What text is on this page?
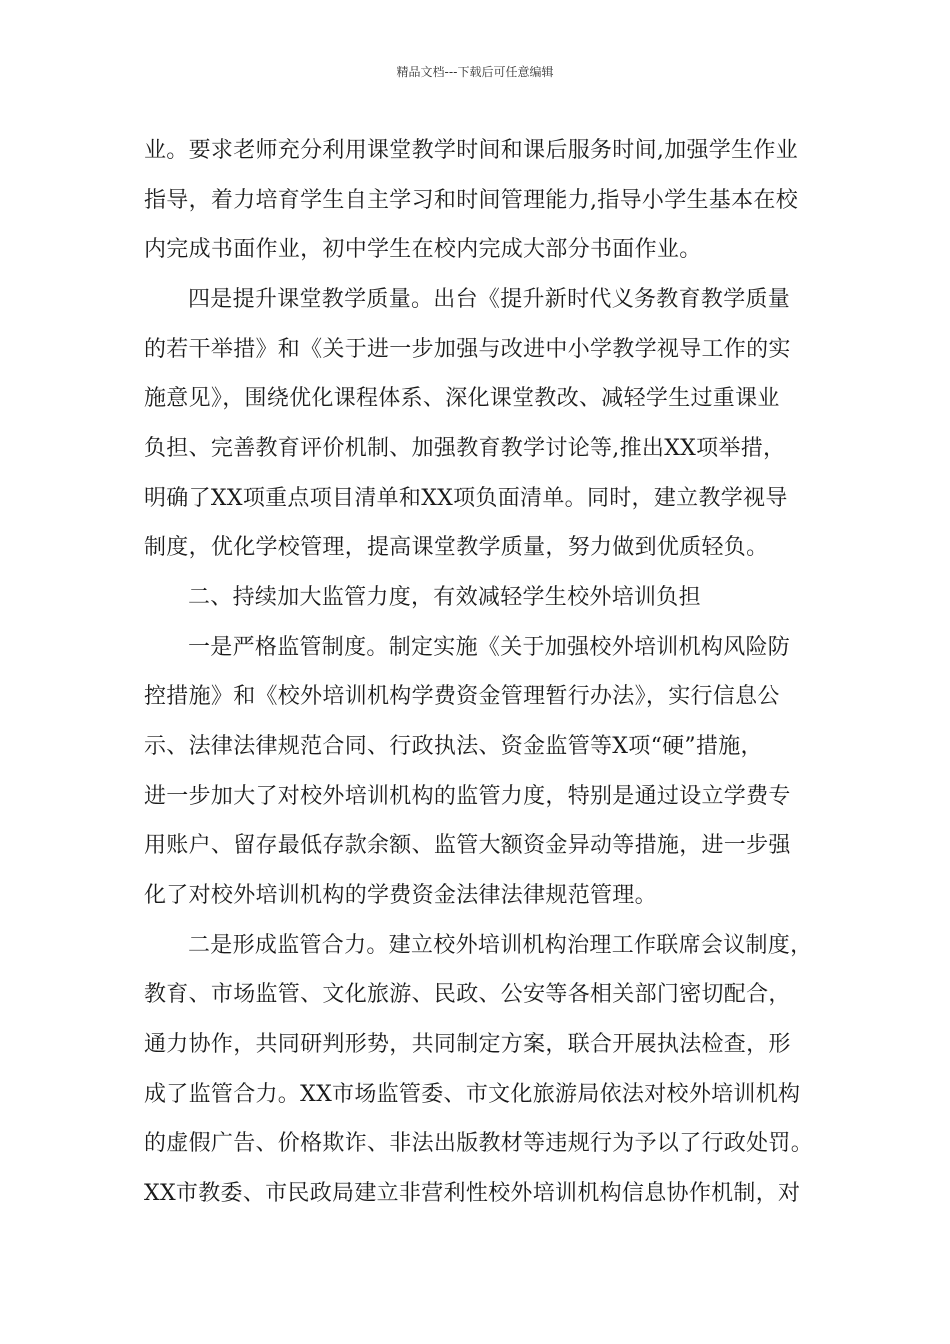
精品文档---下载后可任意编辑
业。要求老师充分利用课堂教学时间和课后服务时间,加强学生作业
指导，着力培育学生自主学习和时间管理能力,指导小学生基本在校
内完成书面作业，初中学生在校内完成大部分书面作业。
四是提升课堂教学质量。出台《提升新时代义务教育教学质量
的若干举措》和《关于进一步加强与改进中小学教学视导工作的实
施意见》，围绕优化课程体系、深化课堂教改、减轻学生过重课业
负担、完善教育评价机制、加强教育教学讨论等,推出XX项举措，
明确了XX项重点项目清单和XX项负面清单。同时，建立教学视导
制度，优化学校管理，提高课堂教学质量，努力做到优质轻负。
二、持续加大监管力度，有效减轻学生校外培训负担
一是严格监管制度。制定实施《关于加强校外培训机构风险防
控措施》和《校外培训机构学费资金管理暂行办法》，实行信息公
示、法律法律规范合同、行政执法、资金监管等X项“硬”措施，
进一步加大了对校外培训机构的监管力度，特别是通过设立学费专
用账户、留存最低存款余额、监管大额资金异动等措施，进一步强
化了对校外培训机构的学费资金法律法律规范管理。
二是形成监管合力。建立校外培训机构治理工作联席会议制度，
教育、市场监管、文化旅游、民政、公安等各相关部门密切配合，
通力协作，共同研判形势，共同制定方案，联合开展执法检查，形
成了监管合力。XX市场监管委、市文化旅游局依法对校外培训机构
的虚假广告、价格欺诈、非法出版教材等违规行为予以了行政处罚。
XX市教委、市民政局建立非营利性校外培训机构信息协作机制，对
